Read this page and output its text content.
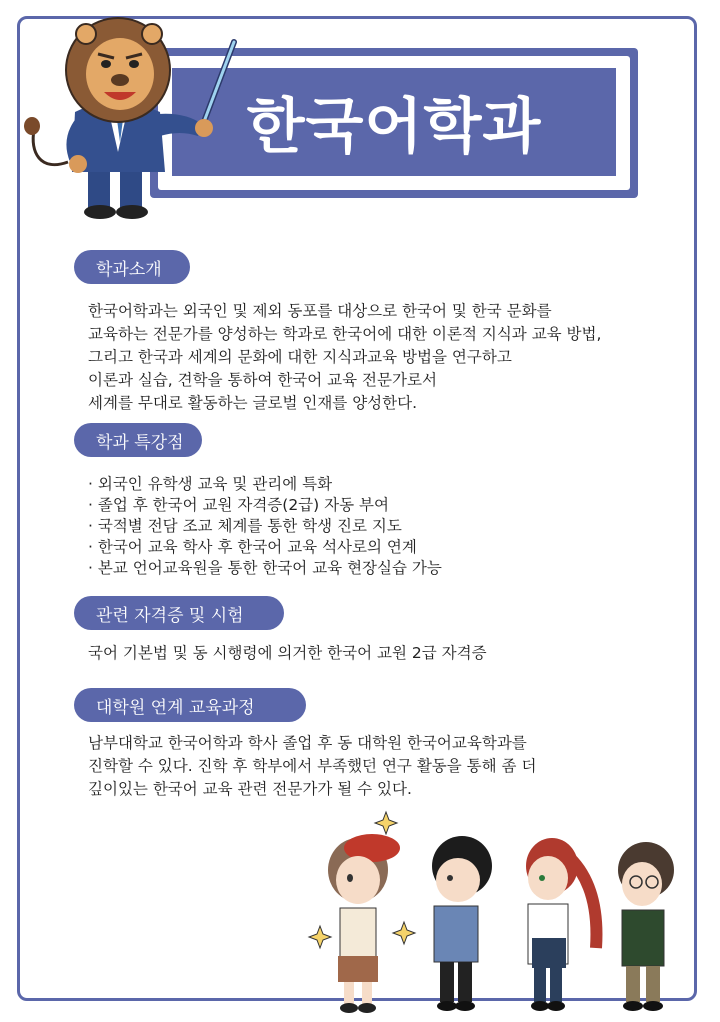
한국어학과
학과소개
한국어학과는 외국인 및 제외 동포를 대상으로 한국어 및 한국 문화를
교육하는 전문가를 양성하는 학과로 한국어에 대한 이론적 지식과 교육 방법,
그리고 한국과 세계의 문화에 대한 지식과교육 방법을 연구하고
이론과 실습, 견학을 통하여 한국어 교육 전문가로서
세계를 무대로 활동하는 글로벌 인재를 양성한다.
학과 특강점
· 외국인 유학생 교육 및 관리에 특화
· 졸업 후 한국어 교원 자격증(2급) 자동 부여
· 국적별 전담 조교 체계를 통한 학생 진로 지도
· 한국어 교육 학사 후 한국어 교육 석사로의 연계
· 본교 언어교육원을 통한 한국어 교육 현장실습 가능
관련 자격증 및 시험
국어 기본법 및 동 시행령에 의거한 한국어 교원 2급 자격증
대학원 연계 교육과정
남부대학교 한국어학과 학사 졸업 후 동 대학원 한국어교육학과를
진학할 수 있다. 진학 후 학부에서 부족했던 연구 활동을 통해 좀 더
깊이있는 한국어 교육 관련 전문가가 될 수 있다.
